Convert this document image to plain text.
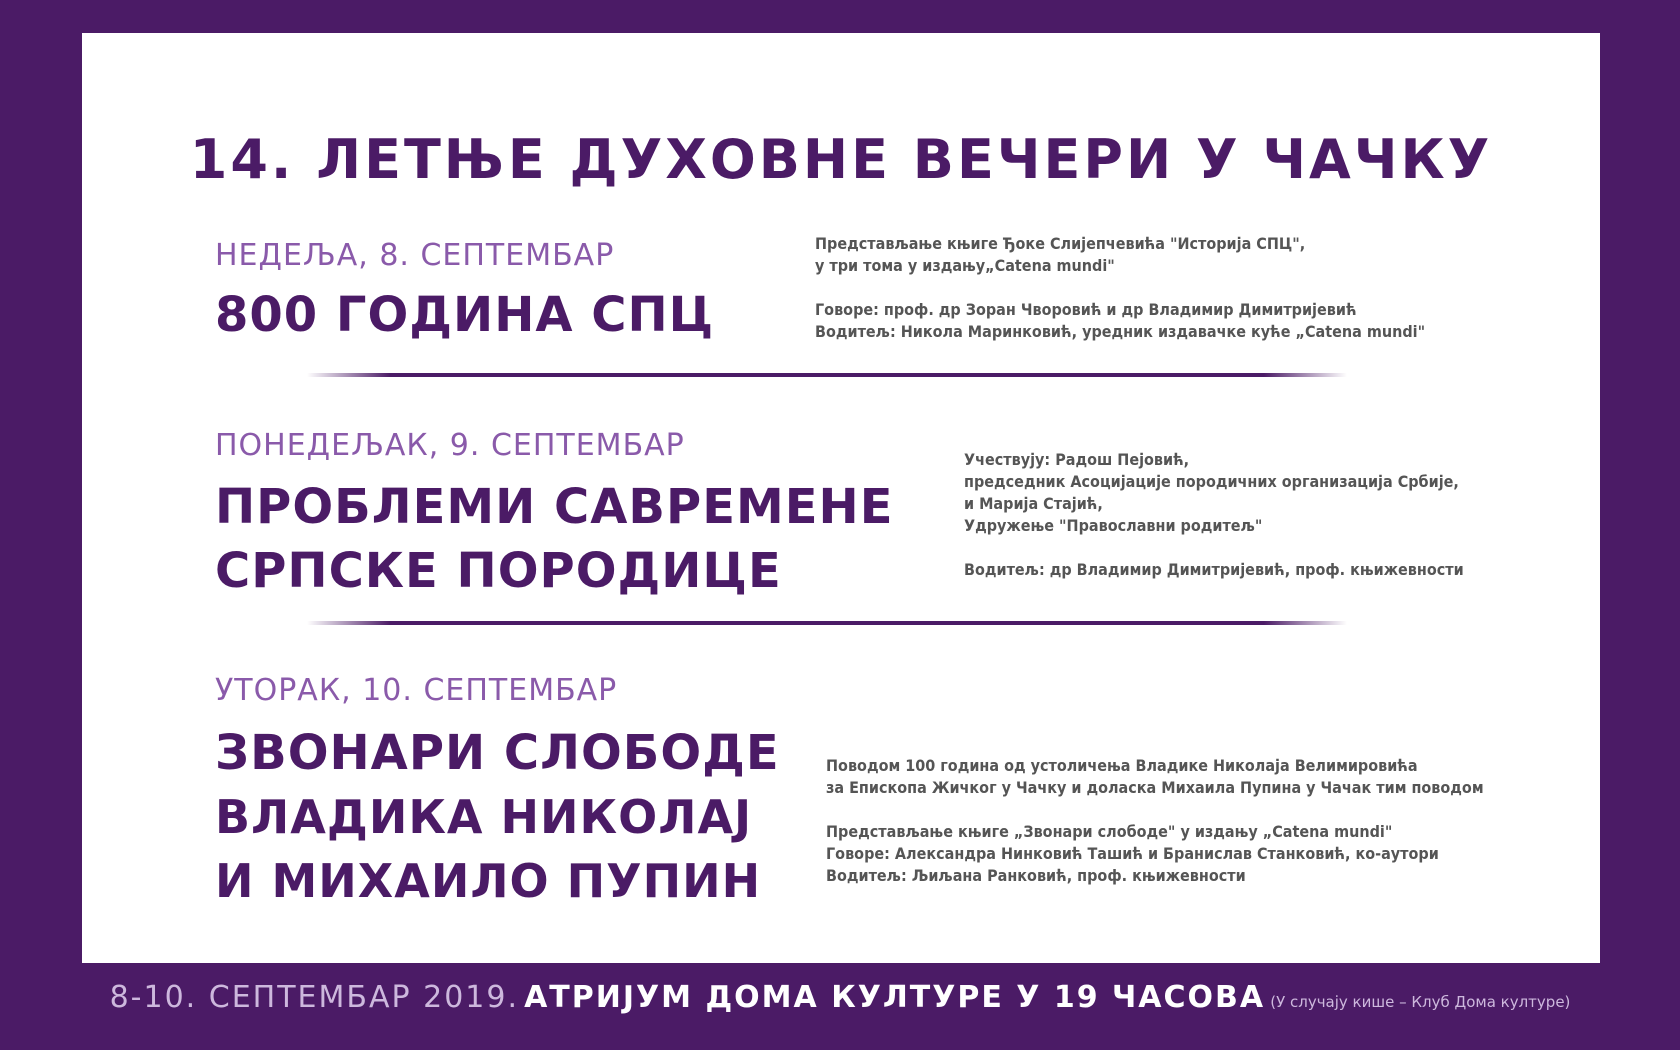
14. ЛЕТЊЕ ДУХОВНЕ ВЕЧЕРИ У ЧАЧКУ
НЕДЕЉА, 8. СЕПТЕМБАР
800 ГОДИНА СПЦ
Представљање књиге Ђоке Слијепчевића "Историја СПЦ",
у три тома у издању„Catena mundi"
Говоре: проф. др Зоран Чворовић и др Владимир Димитријевић
Водитељ: Никола Маринковић, уредник издавачке куће „Catena mundi"
ПОНЕДЕЉАК, 9. СЕПТЕМБАР
ПРОБЛЕМИ САВРЕМЕНЕ
СРПСКЕ ПОРОДИЦЕ
Учествују: Радош Пејовић,
председник Асоцијације породичних организација Србије,
и Марија Стајић,
Удружење "Православни родитељ"
Водитељ: др Владимир Димитријевић, проф. књижевности
УТОРАК, 10. СЕПТЕМБАР
ЗВОНАРИ СЛОБОДЕ
ВЛАДИКА НИКОЛАЈ
И МИХАИЛО ПУПИН
Поводом 100 година од устоличења Владике Николаја Велимировића
за Епископа Жичког у Чачку и доласка Михаила Пупина у Чачак тим поводом
Представљање књиге „Звонари слободе" у издању „Catena mundi"
Говоре: Александра Нинковић Ташић и Бранислав Станковић, ко-аутори
Водитељ: Љиљана Ранковић, проф. књижевности
8-10. СЕПТЕМБАР 2019. АТРИЈУМ ДОМА КУЛТУРЕ У 19 ЧАСОВА (У случају кише – Клуб Дома културе)
